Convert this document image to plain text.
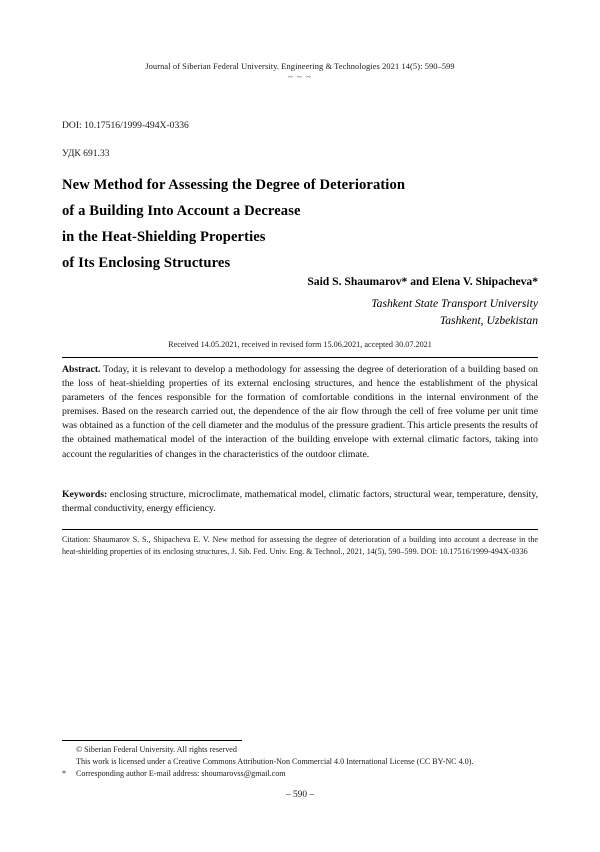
Journal of Siberian Federal University. Engineering & Technologies 2021 14(5): 590–599
~ ~ ~
DOI: 10.17516/1999-494X-0336
УДК 691.33
New Method for Assessing the Degree of Deterioration
of a Building Into Account a Decrease
in the Heat-Shielding Properties
of Its Enclosing Structures
Said S. Shaumarov* and Elena V. Shipacheva*
Tashkent State Transport University
Tashkent, Uzbekistan
Received 14.05.2021, received in revised form 15.06.2021, accepted 30.07.2021
Abstract. Today, it is relevant to develop a methodology for assessing the degree of deterioration of a building based on the loss of heat-shielding properties of its external enclosing structures, and hence the establishment of the physical parameters of the fences responsible for the formation of comfortable conditions in the internal environment of the premises. Based on the research carried out, the dependence of the air flow through the cell of free volume per unit time was obtained as a function of the cell diameter and the modulus of the pressure gradient. This article presents the results of the obtained mathematical model of the interaction of the building envelope with external climatic factors, taking into account the regularities of changes in the characteristics of the outdoor climate.
Keywords: enclosing structure, microclimate, mathematical model, climatic factors, structural wear, temperature, density, thermal conductivity, energy efficiency.
Citation: Shaumarov S. S., Shipacheva E. V. New method for assessing the degree of deterioration of a building into account a decrease in the heat-shielding properties of its enclosing structures, J. Sib. Fed. Univ. Eng. & Technol., 2021, 14(5), 590–599. DOI: 10.17516/1999-494X-0336
© Siberian Federal University. All rights reserved
This work is licensed under a Creative Commons Attribution-Non Commercial 4.0 International License (CC BY-NC 4.0).
*	Corresponding author E-mail address: shoumarovss@gmail.com
– 590 –
